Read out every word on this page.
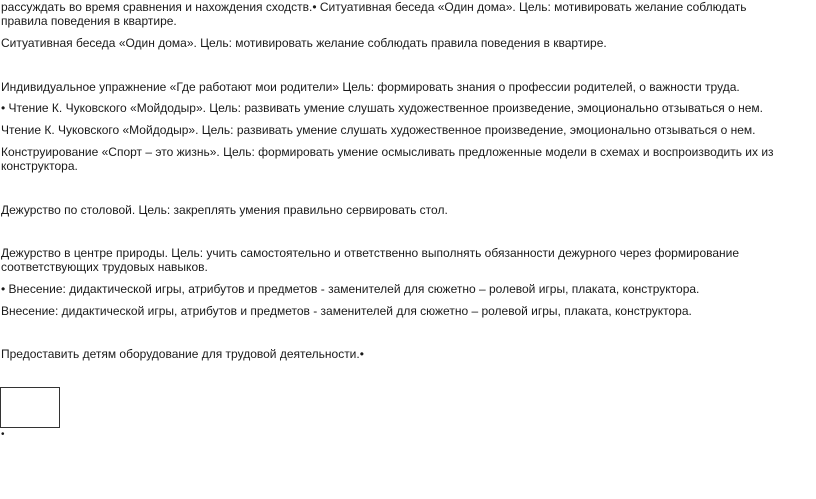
рассуждать во время сравнения и нахождения сходств.• Ситуативная беседа «Один дома». Цель: мотивировать желание соблюдать правила поведения в квартире.

Ситуативная беседа «Один дома». Цель: мотивировать желание соблюдать правила поведения в квартире.

Индивидуальное упражнение «Где работают мои родители» Цель: формировать знания о профессии родителей, о важности труда.

• Чтение К. Чуковского «Мойдодыр». Цель: развивать умение слушать художественное произведение, эмоционально отзываться о нем.

Чтение К. Чуковского «Мойдодыр». Цель: развивать умение слушать художественное произведение, эмоционально отзываться о нем.

Конструирование «Спорт – это жизнь». Цель: формировать умение осмысливать предложенные модели в схемах и воспроизводить их из конструктора.

Дежурство по столовой. Цель: закреплять умения правильно сервировать стол.

Дежурство в центре природы. Цель: учить самостоятельно и ответственно выполнять обязанности дежурного через формирование соответствующих трудовых навыков.

• Внесение: дидактической игры, атрибутов и предметов - заменителей для сюжетно – ролевой игры, плаката, конструктора.

Внесение: дидактической игры, атрибутов и предметов - заменителей для сюжетно – ролевой игры, плаката, конструктора.

Предоставить детям оборудование для трудовой деятельности.•

•
